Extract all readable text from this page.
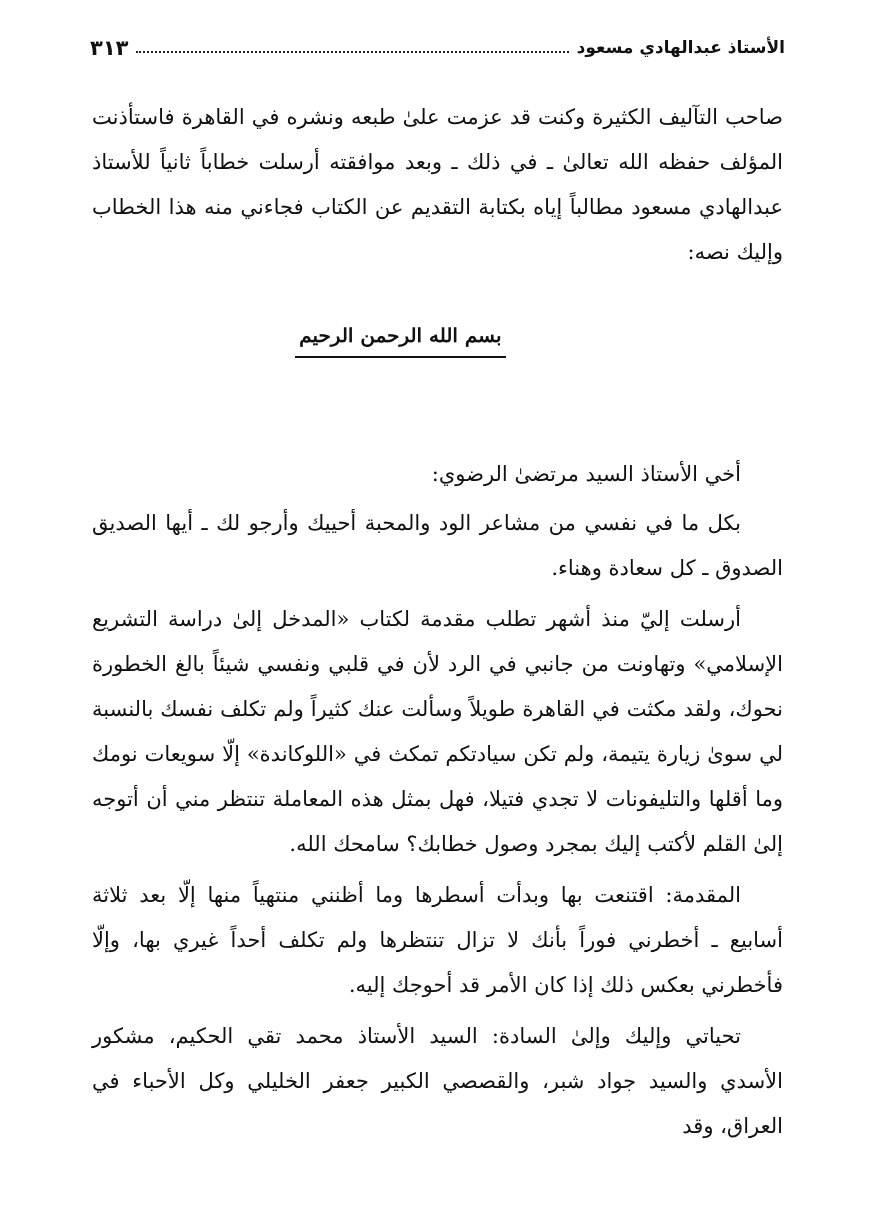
الأستاذ عبدالهادي مسعود
٣١٣
صاحب التآليف الكثيرة وكنت قد عزمت علىٰ طبعه ونشره في القاهرة فاستأذنت المؤلف حفظه الله تعالىٰ ـ في ذلك ـ وبعد موافقته أرسلت خطاباً ثانياً للأستاذ عبدالهادي مسعود مطالباً إياه بكتابة التقديم عن الكتاب فجاءني منه هذا الخطاب وإليك نصه:
بسم الله الرحمن الرحيم

أخي الأستاذ السيد مرتضىٰ الرضوي:

بكل ما في نفسي من مشاعر الود والمحبة أحييك وأرجو لك ـ أيها الصديق الصدوق ـ كل سعادة وهناء.

أرسلت إليّ منذ أشهر تطلب مقدمة لكتاب «المدخل إلىٰ دراسة التشريع الإسلامي» وتهاونت من جانبي في الرد لأن في قلبي ونفسي شيئاً بالغ الخطورة نحوك، ولقد مكثت في القاهرة طويلاً وسألت عنك كثيراً ولم تكلف نفسك بالنسبة لي سوىٰ زيارة يتيمة، ولم تكن سيادتكم تمكث في «اللوكاندة» إلّا سويعات نومك وما أقلها والتليفونات لا تجدي فتيلا، فهل بمثل هذه المعاملة تنتظر مني أن أتوجه إلىٰ القلم لأكتب إليك بمجرد وصول خطابك؟ سامحك الله.

المقدمة: اقتنعت بها وبدأت أسطرها وما أظنني منتهياً منها إلّا بعد ثلاثة أسابيع ـ أخطرني فوراً بأنك لا تزال تنتظرها ولم تكلف أحداً غيري بها، وإلّا فأخطرني بعكس ذلك إذا كان الأمر قد أحوجك إليه.

تحياتي وإليك وإلىٰ السادة: السيد الأستاذ محمد تقي الحكيم، مشكور الأسدي والسيد جواد شبر، والقصصي الكبير جعفر الخليلي وكل الأحباء في العراق، وقد
